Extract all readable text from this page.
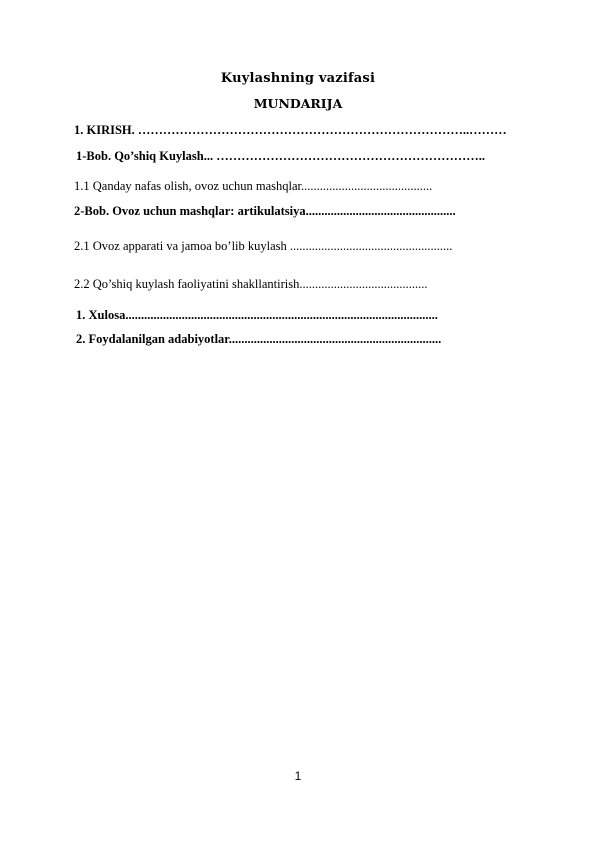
Kuylashning vazifasi
MUNDARIJA
1. KIRISH. ……………………………………………………………………..………
1-Bob. Qo’shiq Kuylash... ………………………………………………………..
1.1 Qanday nafas olish, ovoz uchun mashqlar..........................................
2-Bob. Ovoz uchun mashqlar: artikulatsiya................................................
2.1 Ovoz apparati va jamoa bo’lib kuylash ....................................................
2.2 Qo’shiq kuylash faoliyatini shakllantirish.........................................
1. Xulosa....................................................................................................
2. Foydalanilgan adabiyotlar....................................................................
1
